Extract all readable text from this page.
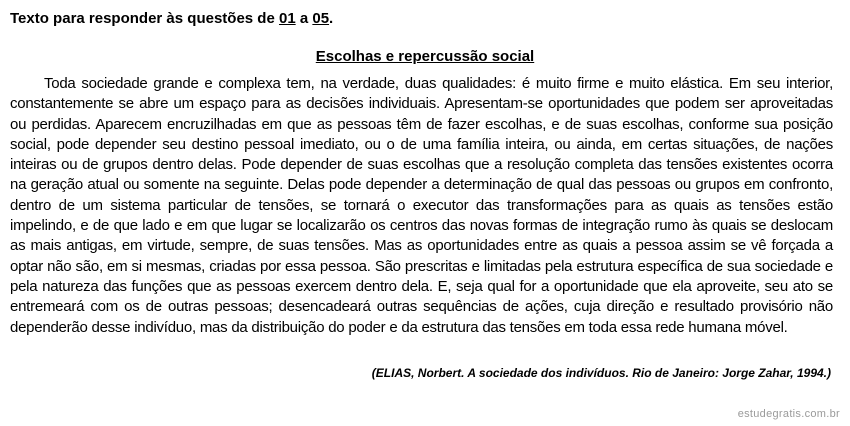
Texto para responder às questões de 01 a 05.
Escolhas e repercussão social

Toda sociedade grande e complexa tem, na verdade, duas qualidades: é muito firme e muito elástica. Em seu interior, constantemente se abre um espaço para as decisões individuais. Apresentam-se oportunidades que podem ser aproveitadas ou perdidas. Aparecem encruzilhadas em que as pessoas têm de fazer escolhas, e de suas escolhas, conforme sua posição social, pode depender seu destino pessoal imediato, ou o de uma família inteira, ou ainda, em certas situações, de nações inteiras ou de grupos dentro delas. Pode depender de suas escolhas que a resolução completa das tensões existentes ocorra na geração atual ou somente na seguinte. Delas pode depender a determinação de qual das pessoas ou grupos em confronto, dentro de um sistema particular de tensões, se tornará o executor das transformações para as quais as tensões estão impelindo, e de que lado e em que lugar se localizarão os centros das novas formas de integração rumo às quais se deslocam as mais antigas, em virtude, sempre, de suas tensões. Mas as oportunidades entre as quais a pessoa assim se vê forçada a optar não são, em si mesmas, criadas por essa pessoa. São prescritas e limitadas pela estrutura específica de sua sociedade e pela natureza das funções que as pessoas exercem dentro dela. E, seja qual for a oportunidade que ela aproveite, seu ato se entremeará com os de outras pessoas; desencadeará outras sequências de ações, cuja direção e resultado provisório não dependerão desse indivíduo, mas da distribuição do poder e da estrutura das tensões em toda essa rede humana móvel.

(ELIAS, Norbert. A sociedade dos indivíduos. Rio de Janeiro: Jorge Zahar, 1994.)
estudegratis.com.br
